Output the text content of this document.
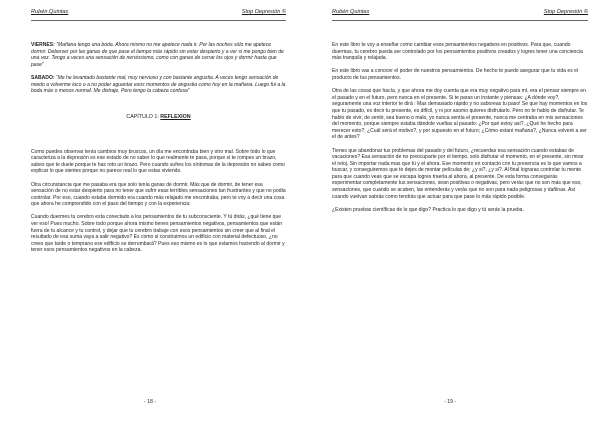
Rubén Quintas	Stop Depresión ©

VIERNES: “Mañana tengo una boda. Ahora mismo no me apetece nada ir. Por las noches sólo me apetece dormir. Deberser por las ganas de que pase el tiempo más rápido sin estar despierto y a ver si me pongo bien de una vez. Tengo a veces una sensación de nerviosismo, como con ganas de cerrar los ojos y dormir hasta que pase”

SABADO: “Me he levantado bastante mal, muy nervioso y con bastante angustia. A veces tengo sensación de miedo a volverme loco o a no poder aguantar esos momentos de angustia como hoy en la mañana. Luego fui a la boda más o menos normal. Me distraje. Pero tengo la cabeza confusa”

CAPÍTULO 1: REFLEXION

Como puedes observar tenía cambios muy bruscos, un día me encontraba bien y otro mal. Sobre todo lo que caracteriza a la depresión es ese estado de no saber lo que realmente te pasa, porque si te rompes un brazo, sabes que te duele porque te has roto un brazo. Pero cuando sufres los síntomas de la depresión no sabes como explicar lo que sientes porque no parece real lo que estas viviendo.

Otra circunstancia que me pasaba era que solo tenía ganas de dormir. Más que de dormir, de tener esa sensación de no estar despierto para no tener que sufrir esas terribles sensaciones tan frustrantes y que no podía controlar. Por eso, cuando estaba dormido era cuando más relajado me encontraba, pero te voy a decir una cosa que ahora he comprendido con el paso del tiempo y con la experiencia:

Cuando duermes tu cerebro esta conectado a los pensamientos de tu subconsciente. Y tú dirás, ¿qué tiene que ver eso! Pues mucho. Sobre todo porque ahora mismo tienes pensamientos negativos, pensamientos que están fuera de tu alcance y tu control, y dejar que tu cerebro trabaje con esos pensamientos sin creer que al final el resultado de esa suma vaya a salir negativo? Es como si construimos un edificio con material defectuoso, ¿no crees que tarde o temprano ese edificio se derrumbará? Pues eso mismo es lo que estamos haciendo al dormir y tener esos pensamientos negativos en la cabeza.

- 18 -
Rubén Quintas	Stop Depresión ©

En este libro te voy a enseñar como cambiar esos pensamientos negativos en positivos. Para que, cuando duermas, tu cerebro pueda ser controlado por los pensamientos positivos creados y logres tener una conciencia más tranquila y relajada.

En este libro vas a conocer el poder de nuestros pensamientos. De hecho te puedo asegurar que tu vida es el producto de tus pensamientos.

Otra de las cosas que hacía, y que ahora me doy cuenta que era muy negativo para mí, era el pensar siempre en el pasado y en el futuro, pero nunca en el presente. Si te paras un instante y piensas: ¿A dónde voy?, seguramente una voz interior te dirá : Mas demasiado rápido y no saboreas tu paso! Se que hay momentos en los que tu pasado, es decir tu presente, es difícil, y ni por asomo quieres disfrutarlo. Pero no te hablo de disfrutar. Te hablo de vivir, de sentir, sea bueno o malo, yo nunca sentía el presente, nunca me centraba en mis sensaciones del momento, porque siempre estaba dándole vueltas al pasado: ¿Por qué estoy así?, ¿Qué he hecho para merecer esto?, ¿Cuál será el motivo?, y por supuesto en el futuro; ¿Cómo estaré mañana?, ¿Nunca volveré a ser el de antes?

Tienes que abandonar tus problemas del pasado y del futuro, ¿recuerdas esa sensación cuando estabas de vacaciones? Esa sensación de no preocuparte por el tiempo, solo disfrutar el momento, en el presente, sin mirar el reloj. Sin importar nada mas que tú y el ahora. Ese momento en contacto con tu presencia es lo que vamos a buscar, y conseguiremos que te dejes de montar películas de; ¿y si?, ¿y si?. Al final lograras controlar tu mente para que cuando veas que se escapa logres traerla al ahora, al presente. De esta forma conseguirás experimentar completamente tus sensaciones, sean positivas o negativas, pero verás que no son más que eso, sensaciones, que cuando se acaben, las entenderás y verás que no son para nada peligrosas y dañinas. Así cuando vuelvan sabrás como tendrás que actuar para que pase lo más rápido posible.

¿Existen pruebas científicas de lo que digo? Practica lo que digo y tú serás la prueba.

- 19 -
